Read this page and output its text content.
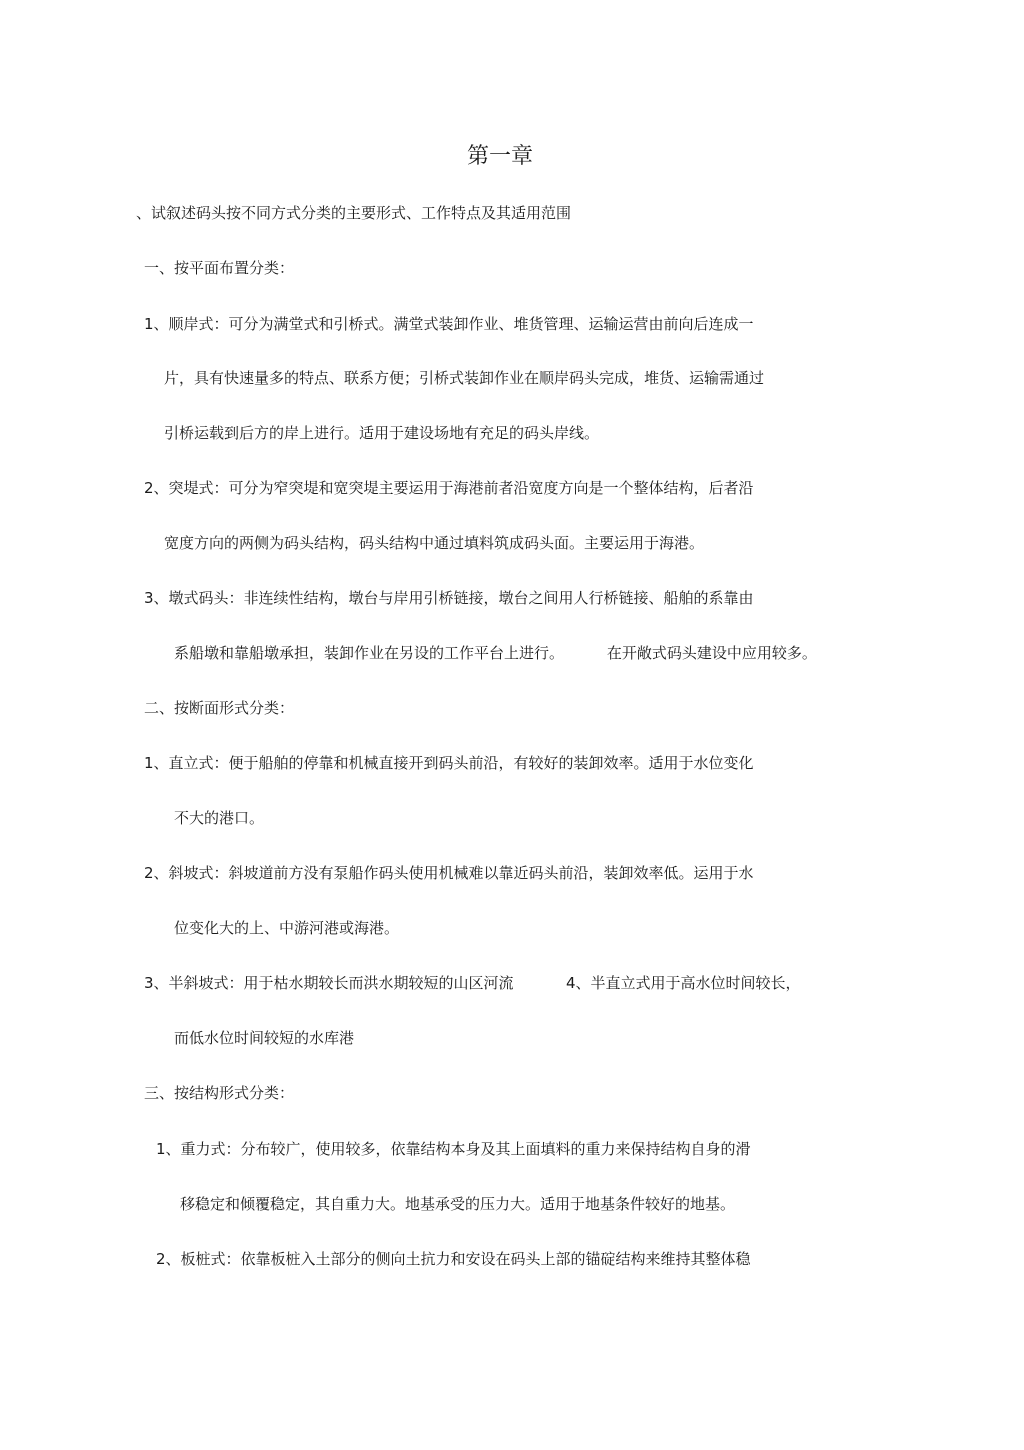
第一章
、试叙述码头按不同方式分类的主要形式、工作特点及其适用范围
一、按平面布置分类：
1、顺岸式：可分为满堂式和引桥式。满堂式装卸作业、堆货管理、运输运营由前向后连成一
片，具有快速量多的特点、联系方便；引桥式装卸作业在顺岸码头完成，堆货、运输需通过
引桥运载到后方的岸上进行。适用于建设场地有充足的码头岸线。
2、突堤式：可分为窄突堤和宽突堤主要运用于海港前者沿宽度方向是一个整体结构，后者沿
宽度方向的两侧为码头结构，码头结构中通过填料筑成码头面。主要运用于海港。
3、墩式码头：非连续性结构，墩台与岸用引桥链接，墩台之间用人行桥链接、船舶的系靠由
系船墩和靠船墩承担，装卸作业在另设的工作平台上进行。         在开敞式码头建设中应用较多。
二、按断面形式分类：
1、直立式：便于船舶的停靠和机械直接开到码头前沿，有较好的装卸效率。适用于水位变化
不大的港口。
2、斜坡式：斜坡道前方没有泵船作码头使用机械难以靠近码头前沿，装卸效率低。运用于水
位变化大的上、中游河港或海港。
3、半斜坡式：用于枯水期较长而洪水期较短的山区河流           4、半直立式用于高水位时间较长，
而低水位时间较短的水库港
三、按结构形式分类：
1、重力式：分布较广，使用较多，依靠结构本身及其上面填料的重力来保持结构自身的滑
移稳定和倾覆稳定，其自重力大。地基承受的压力大。适用于地基条件较好的地基。
2、板桩式：依靠板桩入土部分的侧向土抗力和安设在码头上部的锚碇结构来维持其整体稳
